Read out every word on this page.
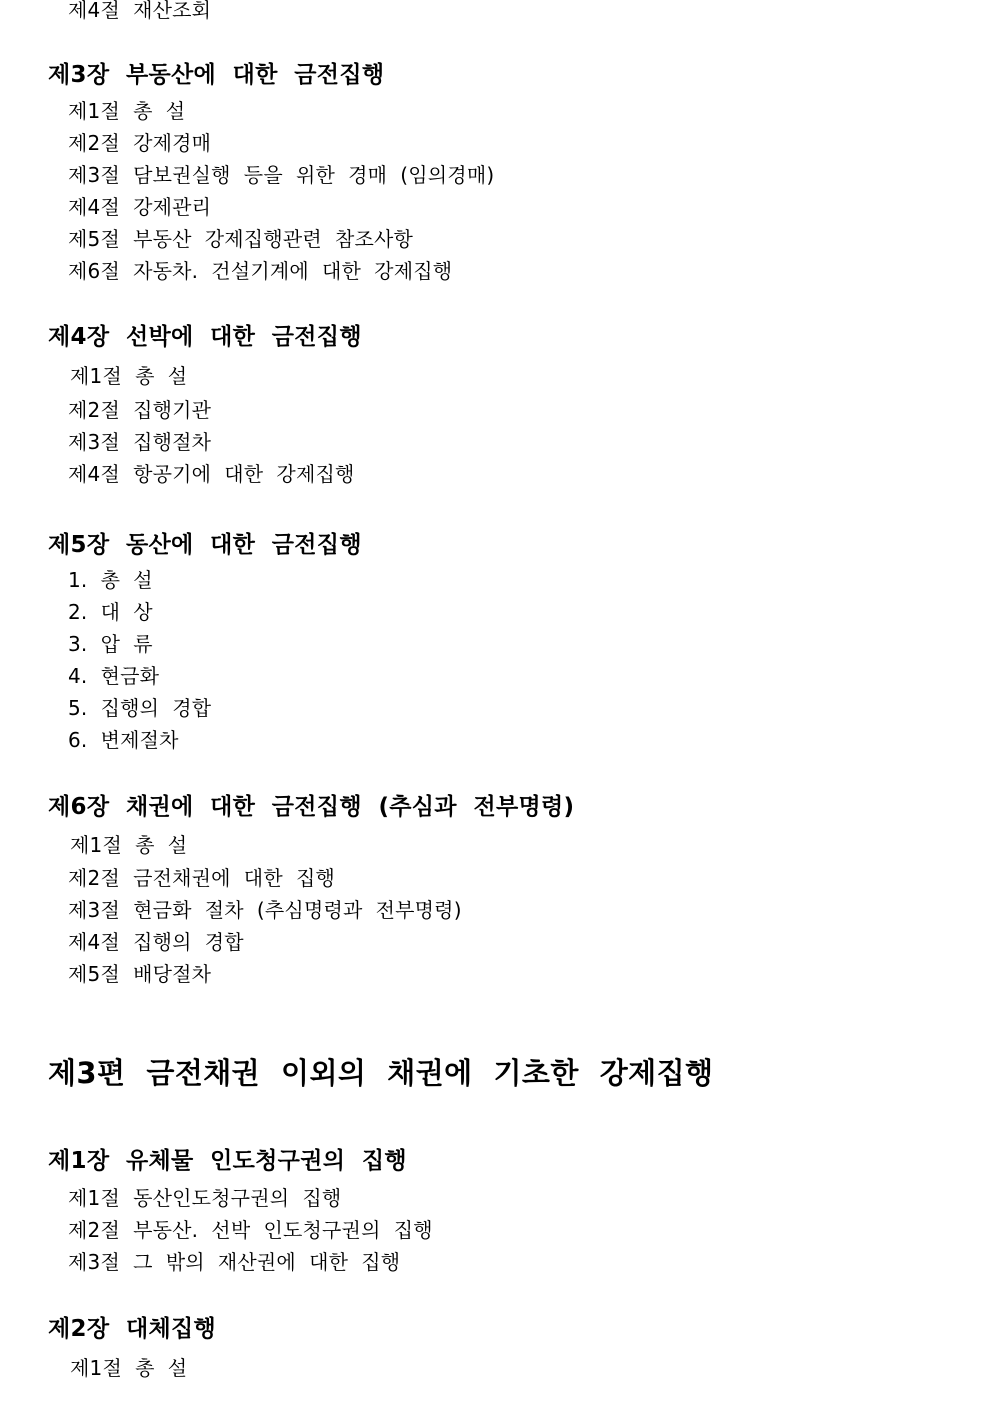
제4절  재산조회
제3장  부동산에  대한  금전집행
제1절  총  설
제2절  강제경매
제3절  담보권실행  등을  위한  경매  (임의경매)
제4절  강제관리
제5절  부동산  강제집행관련  참조사항
제6절  자동차.  건설기계에  대한  강제집행
제4장  선박에  대한  금전집행
제1절  총  설
제2절  집행기관
제3절  집행절차
제4절  항공기에  대한  강제집행
제5장  동산에  대한  금전집행
1.  총  설
2.  대  상
3.  압  류
4.  현금화
5.  집행의  경합
6.  변제절차
제6장  채권에  대한  금전집행  (추심과  전부명령)
제1절  총  설
제2절  금전채권에  대한  집행
제3절  현금화  절차  (추심명령과  전부명령)
제4절  집행의  경합
제5절  배당절차
제3편  금전채권  이외의  채권에  기초한  강제집행
제1장  유체물  인도청구권의  집행
제1절  동산인도청구권의  집행
제2절  부동산.  선박  인도청구권의  집행
제3절  그  밖의  재산권에  대한  집행
제2장  대체집행
제1절  총  설
